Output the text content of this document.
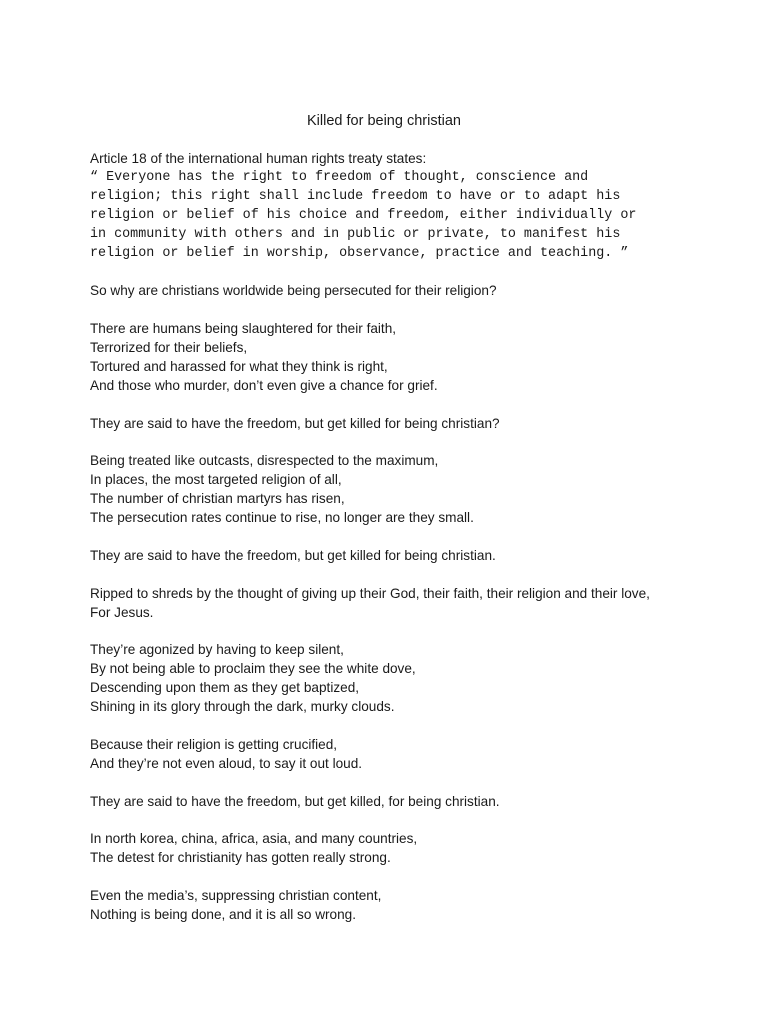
Killed for being christian

Article 18 of the international human rights treaty states:

“ Everyone has the right to freedom of thought, conscience and
religion; this right shall include freedom to have or to adapt his
religion or belief of his choice and freedom, either individually or
in community with others and in public or private, to manifest his
religion or belief in worship, observance, practice and teaching. ”

So why are christians worldwide being persecuted for their religion?

There are humans being slaughtered for their faith,
Terrorized for their beliefs,
Tortured and harassed for what they think is right,
And those who murder, don’t even give a chance for grief.

They are said to have the freedom, but get killed for being christian?

Being treated like outcasts, disrespected to the maximum,
In places, the most targeted religion of all,
The number of christian martyrs has risen,
The persecution rates continue to rise, no longer are they small.

They are said to have the freedom, but get killed for being christian.

Ripped to shreds by the thought of giving up their God, their faith, their religion and their love,
For Jesus.

They’re agonized by having to keep silent,
By not being able to proclaim they see the white dove,
Descending upon them as they get baptized,
Shining in its glory through the dark, murky clouds.

Because their religion is getting crucified,
And they’re not even aloud, to say it out loud.

They are said to have the freedom, but get killed, for being christian.

In north korea, china, africa, asia, and many countries,
The detest for christianity has gotten really strong.

Even the media’s, suppressing christian content,
Nothing is being done, and it is all so wrong.
